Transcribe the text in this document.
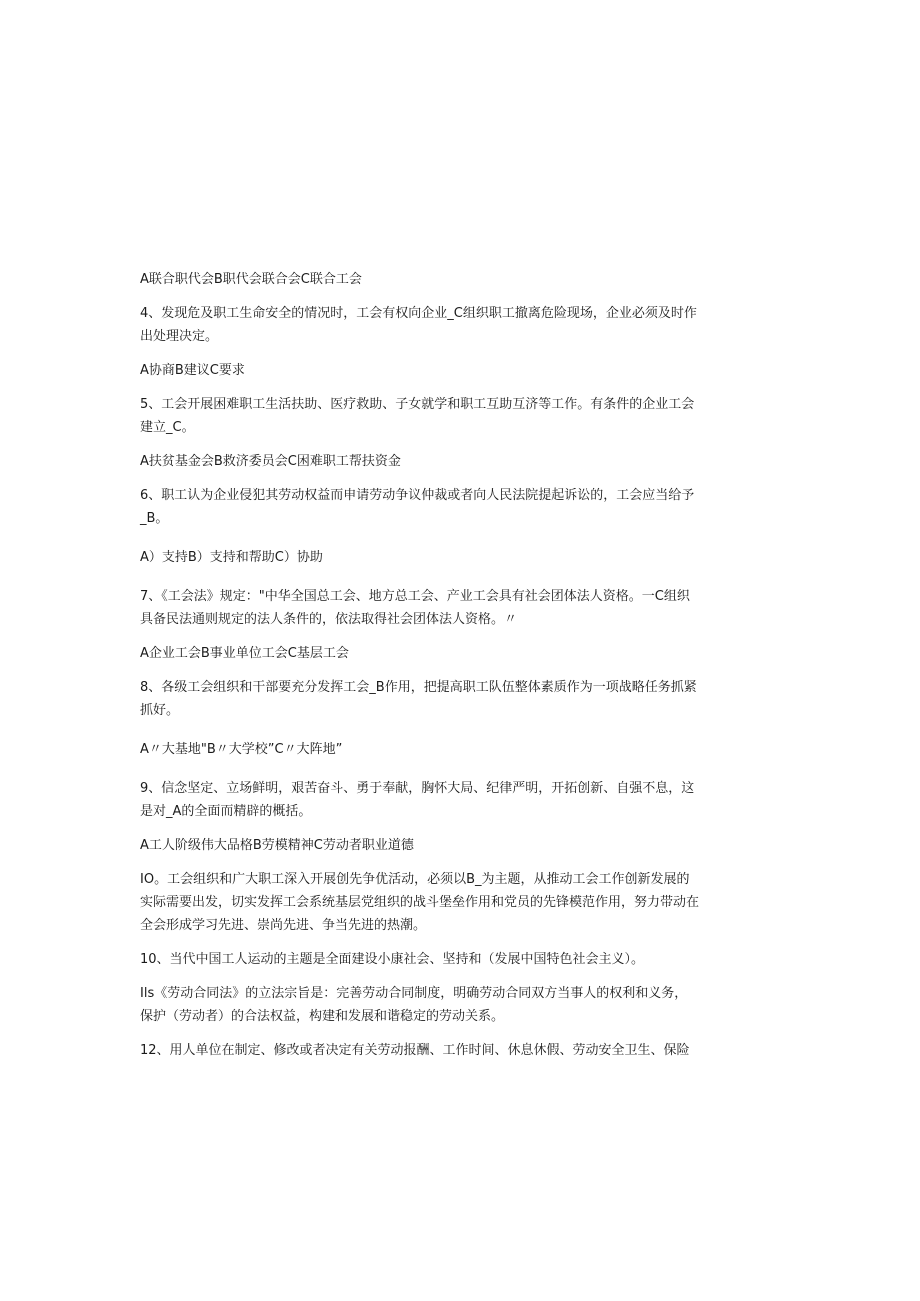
A联合职代会B职代会联合会C联合工会

4、发现危及职工生命安全的情况时，工会有权向企业_C组织职工撤离危险现场，企业必须及时作出处理决定。

A协商B建议C要求

5、工会开展困难职工生活扶助、医疗救助、子女就学和职工互助互济等工作。有条件的企业工会建立_C。

A扶贫基金会B救济委员会C困难职工帮扶资金

6、职工认为企业侵犯其劳动权益而申请劳动争议仲裁或者向人民法院提起诉讼的，工会应当给予_B。

A）支持B）支持和帮助C）协助

7、《工会法》规定："中华全国总工会、地方总工会、产业工会具有社会团体法人资格。一C组织具备民法通则规定的法人条件的，依法取得社会团体法人资格。〃

A企业工会B事业单位工会C基层工会

8、各级工会组织和干部要充分发挥工会_B作用，把提高职工队伍整体素质作为一项战略任务抓紧抓好。

A〃大基地"B〃大学校”C〃大阵地”

9、信念坚定、立场鲜明，艰苦奋斗、勇于奉献，胸怀大局、纪律严明，开拓创新、自强不息，这是对_A的全面而精辟的概括。

A工人阶级伟大品格B劳模精神C劳动者职业道德

IO。工会组织和广大职工深入开展创先争优活动，必须以B_为主题，从推动工会工作创新发展的实际需要出发，切实发挥工会系统基层党组织的战斗堡垒作用和党员的先锋模范作用，努力带动在全会形成学习先进、崇尚先进、争当先进的热潮。

10、当代中国工人运动的主题是全面建设小康社会、坚持和（发展中国特色社会主义）。

Ils《劳动合同法》的立法宗旨是：完善劳动合同制度，明确劳动合同双方当事人的权利和义务，保护（劳动者）的合法权益，构建和发展和谐稳定的劳动关系。

12、用人单位在制定、修改或者决定有关劳动报酬、工作时间、休息休假、劳动安全卫生、保险
